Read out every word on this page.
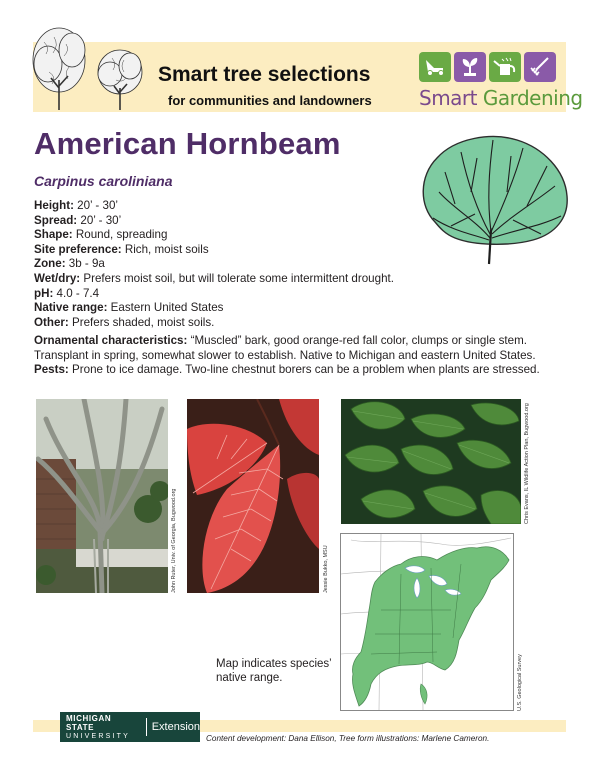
Smart tree selections
for communities and landowners Smart Gardening
American Hornbeam
Carpinus caroliniana
Height: 20’ - 30’
Spread: 20’ - 30’
Shape: Round, spreading
Site preference: Rich, moist soils
Zone: 3b - 9a
Wet/dry: Prefers moist soil, but will tolerate some intermittent drought.
pH: 4.0 - 7.4
Native range: Eastern United States
Other: Prefers shaded, moist soils.
Ornamental characteristics: “Muscled” bark, good orange-red fall color, clumps or single stem. Transplant in spring, somewhat slower to establish. Native to Michigan and eastern United States.
Pests: Prone to ice damage. Two-line chestnut borers can be a problem when plants are stressed.
John Ruter, Univ. of Georgia, Bugwood.org	Jessie Bukko, MSU
Chris Evans, IL Wildlife Action Plan, Bugwood.org
U.S. Geological Survey
Map indicates species’ native range.
MICHIGAN STATE
UNIVERSITY
Extension
Content development: Dana Ellison, Tree form illustrations: Marlene Cameron.
